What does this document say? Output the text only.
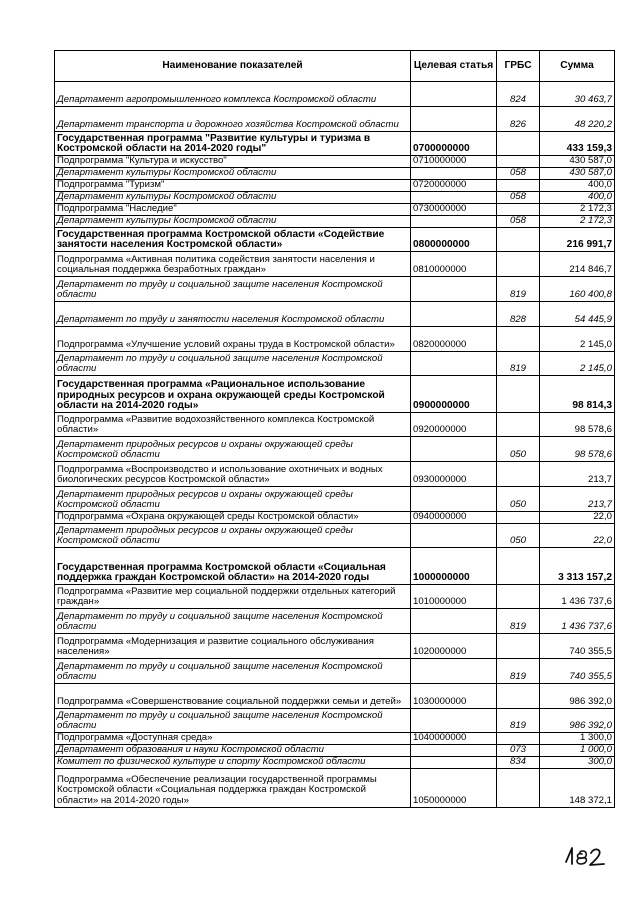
Наименование показателей	Целевая статья	ГРБС	Сумма
Департамент агропромышленного комплекса Костромской области		824	30 463,7
Департамент транспорта и дорожного хозяйства Костромской области		826	48 220,2
Государственная программа "Развитие культуры и туризма в Костромской области на 2014-2020 годы"	0700000000		433 159,3
Подпрограмма "Культура и искусство"	0710000000		430 587,0
Департамент культуры Костромской области		058	430 587,0
Подпрограмма "Туризм"	0720000000		400,0
Департамент культуры Костромской области		058	400,0
Подпрограмма "Наследие"	0730000000		2 172,3
Департамент культуры Костромской области		058	2 172,3
Государственная программа Костромской области «Содействие занятости населения Костромской области»	0800000000		216 991,7
Подпрограмма «Активная политика содействия занятости населения и социальная поддержка безработных граждан»	0810000000		214 846,7
Департамент по труду и социальной защите населения Костромской области		819	160 400,8
Департамент по труду и занятости населения Костромской области		828	54 445,9
Подпрограмма «Улучшение условий охраны труда в Костромской области»	0820000000		2 145,0
Департамент по труду и социальной защите населения Костромской области		819	2 145,0
Государственная программа «Рациональное использование природных ресурсов и охрана окружающей среды Костромской области на 2014-2020 годы»	0900000000		98 814,3
Подпрограмма «Развитие водохозяйственного комплекса Костромской области»	0920000000		98 578,6
Департамент природных ресурсов и охраны окружающей среды Костромской области		050	98 578,6
Подпрограмма «Воспроизводство и использование охотничьих и водных биологических ресурсов Костромской области»	0930000000		213,7
Департамент природных ресурсов и охраны окружающей среды Костромской области		050	213,7
Подпрограмма «Охрана окружающей среды Костромской области»	0940000000		22,0
Департамент природных ресурсов и охраны окружающей среды Костромской области		050	22,0
Государственная программа Костромской области «Социальная поддержка граждан Костромской области» на 2014-2020 годы	1000000000		3 313 157,2
Подпрограмма «Развитие мер социальной поддержки отдельных категорий граждан»	1010000000		1 436 737,6
Департамент по труду и социальной защите населения Костромской области		819	1 436 737,6
Подпрограмма «Модернизация и развитие социального обслуживания населения»	1020000000		740 355,5
Департамент по труду и социальной защите населения Костромской области		819	740 355,5
Подпрограмма «Совершенствование социальной поддержки семьи и детей»	1030000000		986 392,0
Департамент по труду и социальной защите населения Костромской области		819	986 392,0
Подпрограмма «Доступная среда»	1040000000		1 300,0
Департамент образования и науки Костромской области		073	1 000,0
Комитет по физической культуре и спорту Костромской области		834	300,0
Подпрограмма «Обеспечение реализации государственной программы Костромской области «Социальная поддержка граждан Костромской области» на 2014-2020 годы»	1050000000		148 372,1
